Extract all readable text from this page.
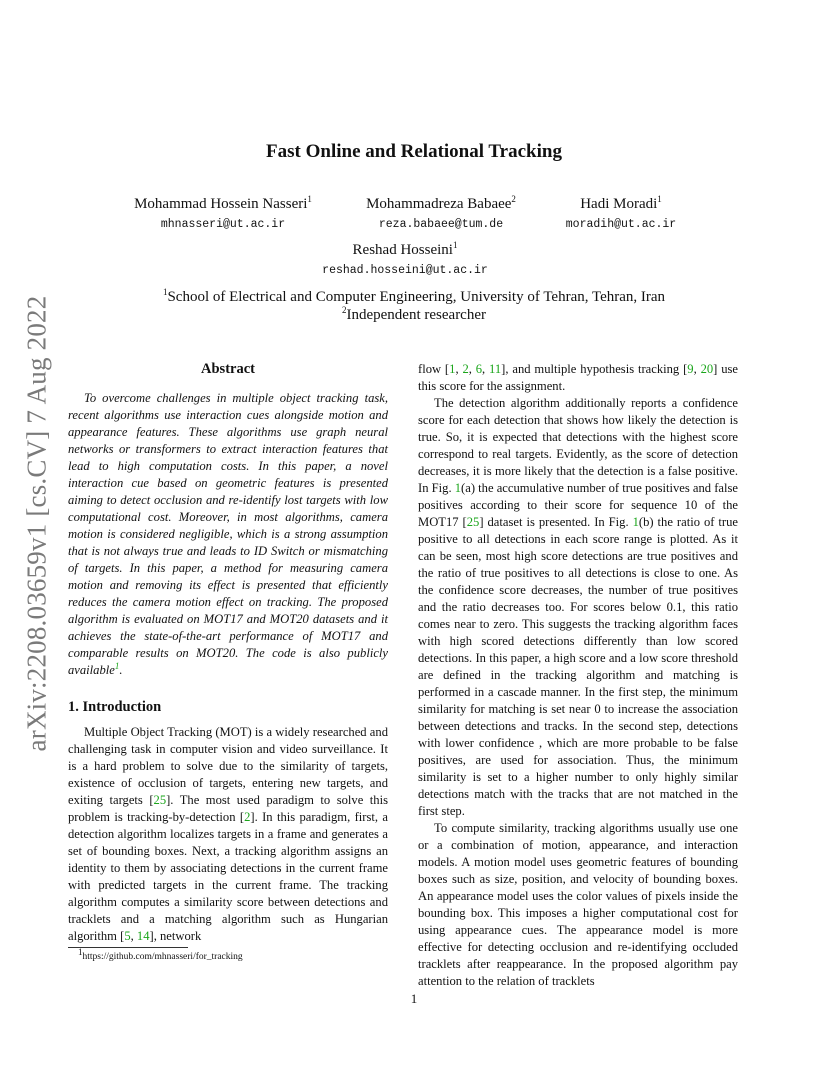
arXiv:2208.03659v1 [cs.CV] 7 Aug 2022
Fast Online and Relational Tracking
Mohammad Hossein Nasseri$^1$
mhnasseri@ut.ac.ir
Mohammadreza Babaee$^2$
reza.babaee@tum.de
Hadi Moradi$^1$
moradih@ut.ac.ir
Reshad Hosseini$^1$
reshad.hosseini@ut.ac.ir
$^1$School of Electrical and Computer Engineering, University of Tehran, Tehran, Iran
$^2$Independent researcher
Abstract

To overcome challenges in multiple object tracking task, recent algorithms use interaction cues alongside motion and appearance features. These algorithms use graph neural networks or transformers to extract interaction features that lead to high computation costs. In this paper, a novel interaction cue based on geometric features is presented aiming to detect occlusion and re-identify lost targets with low computational cost. Moreover, in most algorithms, camera motion is considered negligible, which is a strong assumption that is not always true and leads to ID Switch or mismatching of targets. In this paper, a method for measuring camera motion and removing its effect is presented that efficiently reduces the camera motion effect on tracking. The proposed algorithm is evaluated on MOT17 and MOT20 datasets and it achieves the state-of-the-art performance of MOT17 and comparable results on MOT20. The code is also publicly available$^1$.

1. Introduction

Multiple Object Tracking (MOT) is a widely researched and challenging task in computer vision and video surveillance. It is a hard problem to solve due to the similarity of targets, existence of occlusion of targets, entering new targets, and exiting targets [25]. The most used paradigm to solve this problem is tracking-by-detection [2]. In this paradigm, first, a detection algorithm localizes targets in a frame and generates a set of bounding boxes. Next, a tracking algorithm assigns an identity to them by associating detections in the current frame with predicted targets in the current frame. The tracking algorithm computes a similarity score between detections and tracklets and a matching algorithm such as Hungarian algorithm [5, 14], network

flow [1, 2, 6, 11], and multiple hypothesis tracking [9, 20] use this score for the assignment.

The detection algorithm additionally reports a confidence score for each detection that shows how likely the detection is true. So, it is expected that detections with the highest score correspond to real targets. Evidently, as the score of detection decreases, it is more likely that the detection is a false positive. In Fig. 1(a) the accumulative number of true positives and false positives according to their score for sequence 10 of the MOT17 [25] dataset is presented. In Fig. 1(b) the ratio of true positive to all detections in each score range is plotted. As it can be seen, most high score detections are true positives and the ratio of true positives to all detections is close to one. As the confidence score decreases, the number of true positives and the ratio decreases too. For scores below 0.1, this ratio comes near to zero. This suggests the tracking algorithm faces with high scored detections differently than low scored detections. In this paper, a high score and a low score threshold are defined in the tracking algorithm and matching is performed in a cascade manner. In the first step, the minimum similarity for matching is set near 0 to increase the association between detections and tracks. In the second step, detections with lower confidence , which are more probable to be false positives, are used for association. Thus, the minimum similarity is set to a higher number to only highly similar detections match with the tracks that are not matched in the first step.

To compute similarity, tracking algorithms usually use one or a combination of motion, appearance, and interaction models. A motion model uses geometric features of bounding boxes such as size, position, and velocity of bounding boxes. An appearance model uses the color values of pixels inside the bounding box. This imposes a higher computational cost for using appearance cues. The appearance model is more effective for detecting occlusion and re-identifying occluded tracklets after reappearance. In the proposed algorithm pay attention to the relation of tracklets

$^1$https://github.com/mhnasseri/for_tracking
1
